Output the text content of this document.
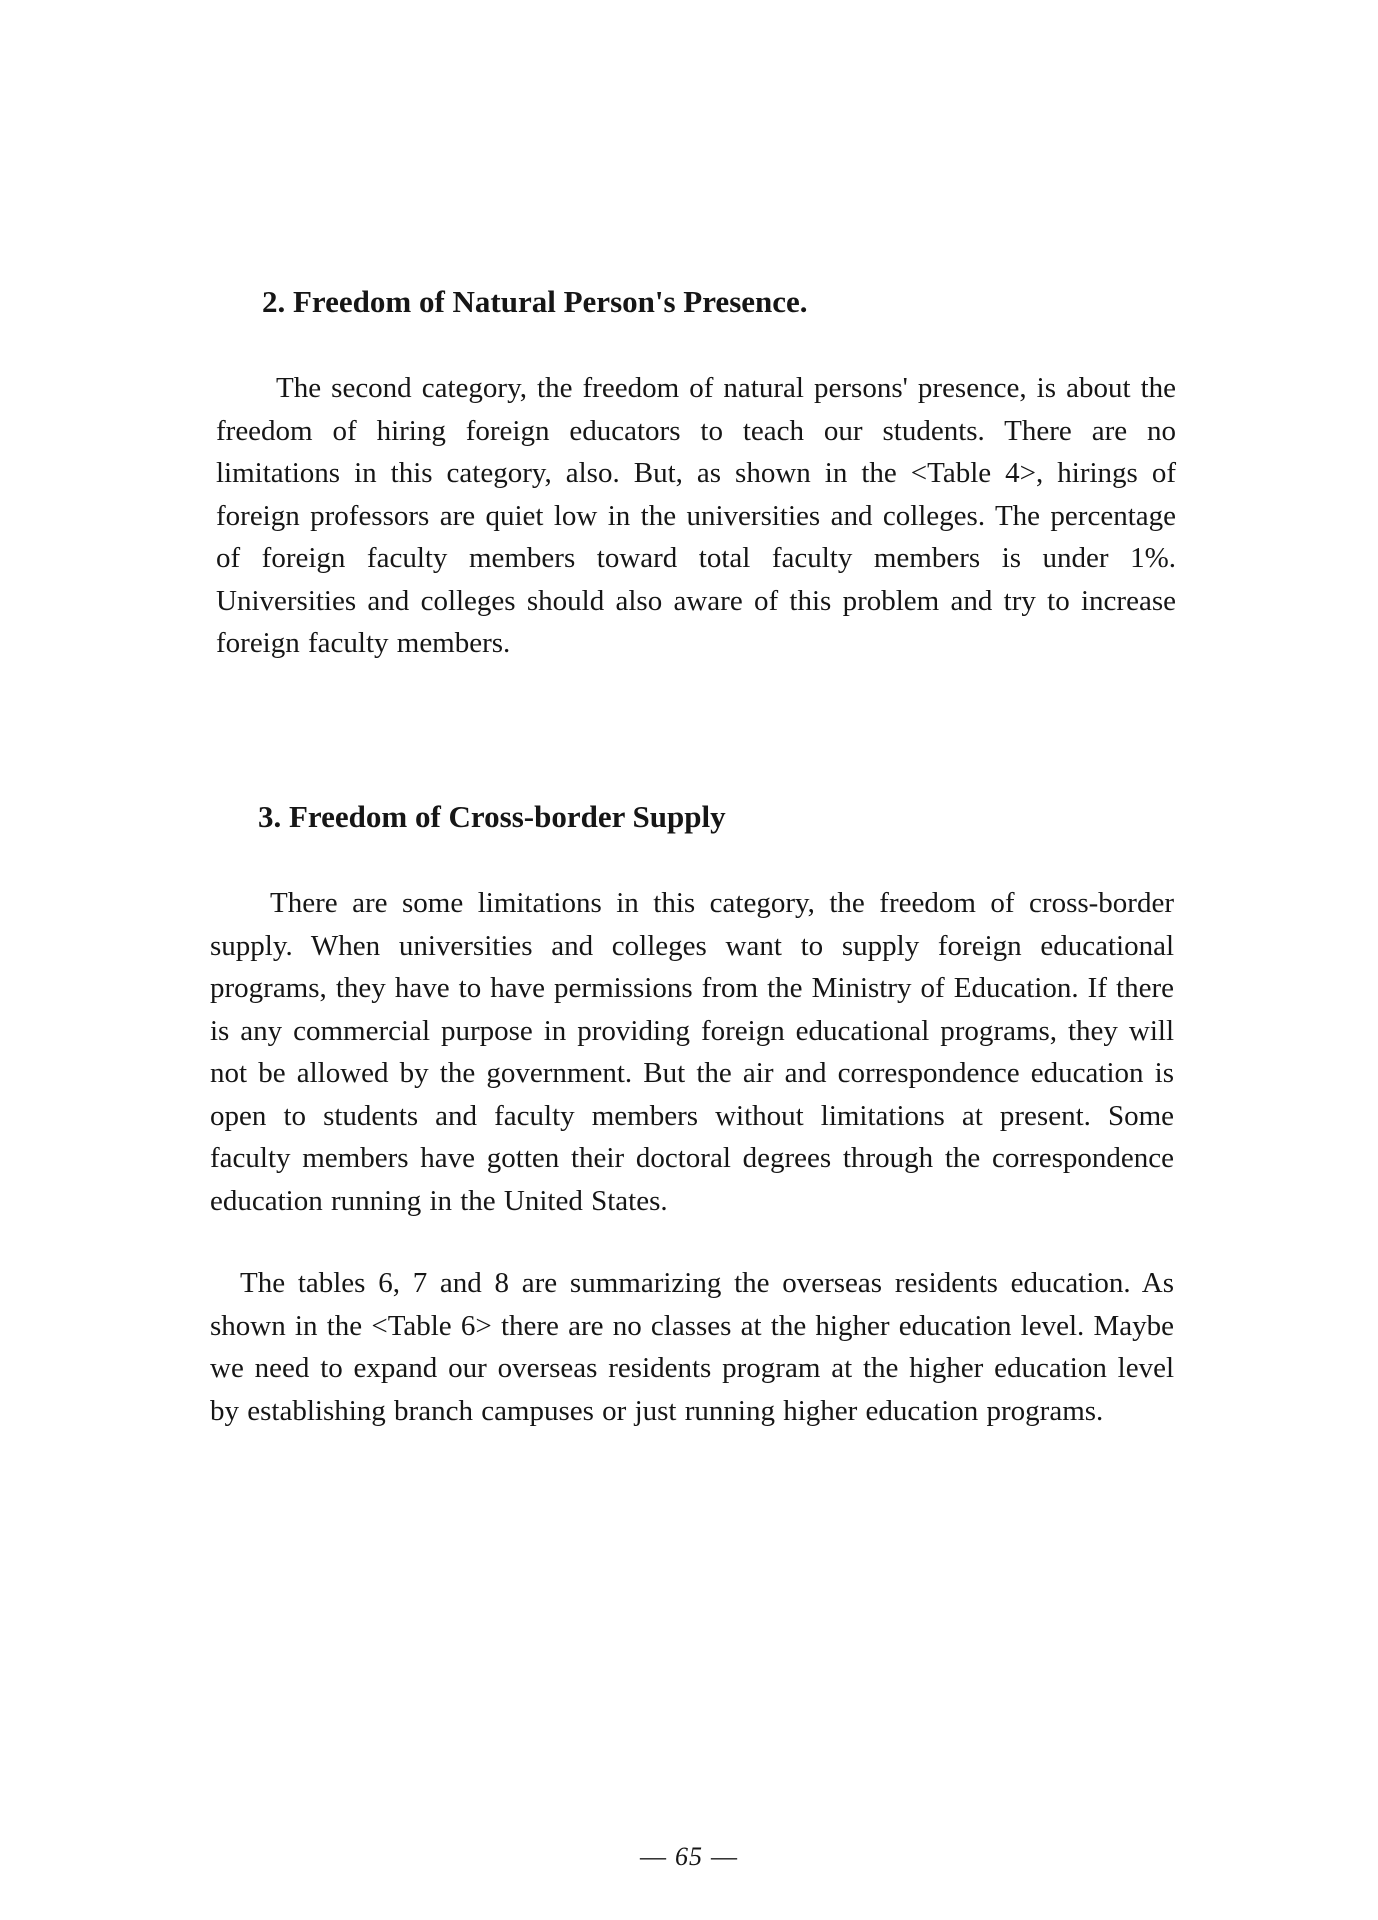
2. Freedom of Natural Person's Presence.

The second category, the freedom of natural persons' presence, is about the freedom of hiring foreign educators to teach our students. There are no limitations in this category, also. But, as shown in the <Table 4>, hirings of foreign professors are quiet low in the universities and colleges. The percentage of foreign faculty members toward total faculty members is under 1%. Universities and colleges should also aware of this problem and try to increase foreign faculty members.

3. Freedom of Cross-border Supply

There are some limitations in this category, the freedom of cross-border supply. When universities and colleges want to supply foreign educational programs, they have to have permissions from the Ministry of Education. If there is any commercial purpose in providing foreign educational programs, they will not be allowed by the government. But the air and correspondence education is open to students and faculty members without limitations at present. Some faculty members have gotten their doctoral degrees through the correspondence education running in the United States.

The tables 6, 7 and 8 are summarizing the overseas residents education. As shown in the <Table 6> there are no classes at the higher education level. Maybe we need to expand our overseas residents program at the higher education level by establishing branch campuses or just running higher education programs.

— 65 —
